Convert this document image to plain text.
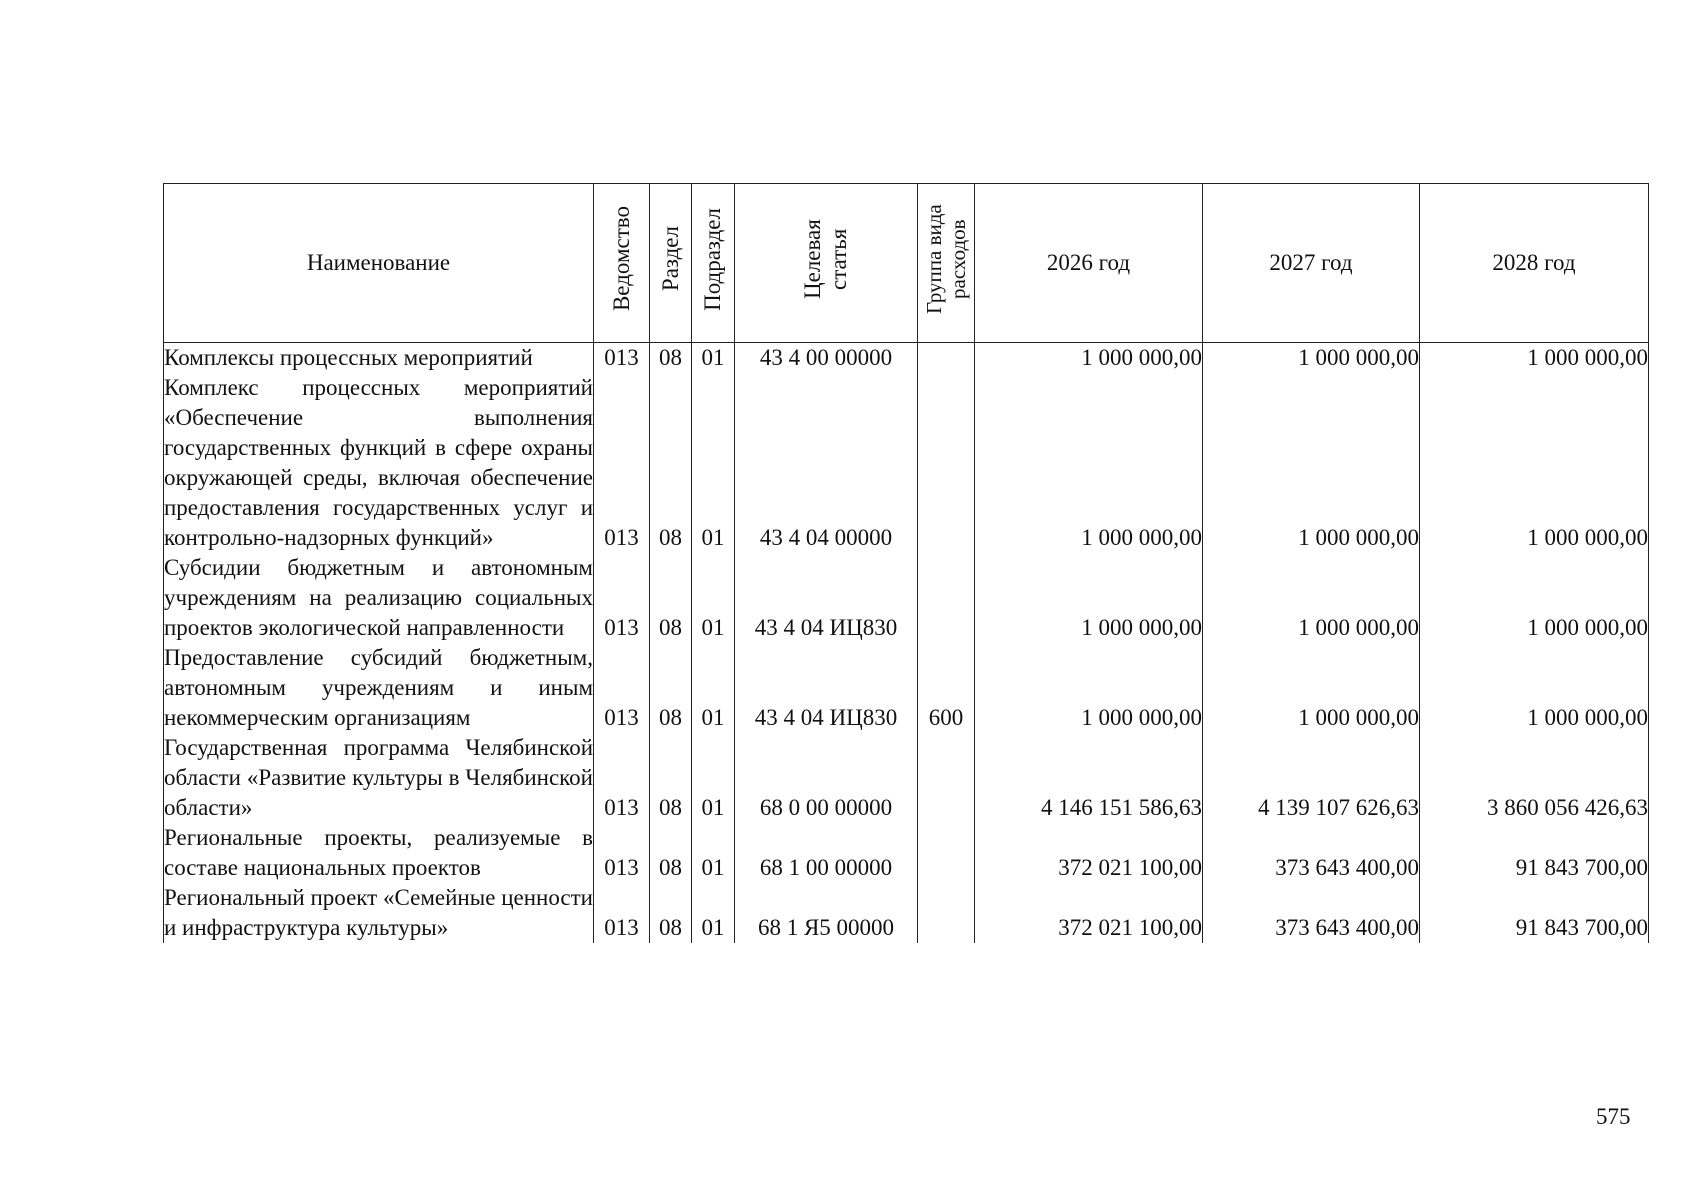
Наименование	Ведомство	Раздел	Подраздел	Целевая статья	Группа вида расходов	2026 год	2027 год	2028 год
Комплексы процессных мероприятий	013	08	01	43 4 00 00000		1 000 000,00	1 000 000,00	1 000 000,00
Комплекс процессных мероприятий «Обеспечение выполнения государственных функций в сфере охраны окружающей среды, включая обеспечение предоставления государственных услуг и контрольно-надзорных функций»	013	08	01	43 4 04 00000		1 000 000,00	1 000 000,00	1 000 000,00
Субсидии бюджетным и автономным учреждениям на реализацию социальных проектов экологической направленности	013	08	01	43 4 04 ИЦ830		1 000 000,00	1 000 000,00	1 000 000,00
Предоставление субсидий бюджетным, автономным учреждениям и иным некоммерческим организациям	013	08	01	43 4 04 ИЦ830	600	1 000 000,00	1 000 000,00	1 000 000,00
Государственная программа Челябинской области «Развитие культуры в Челябинской области»	013	08	01	68 0 00 00000		4 146 151 586,63	4 139 107 626,63	3 860 056 426,63
Региональные проекты, реализуемые в составе национальных проектов	013	08	01	68 1 00 00000		372 021 100,00	373 643 400,00	91 843 700,00
Региональный проект «Семейные ценности и инфраструктура культуры»	013	08	01	68 1 Я5 00000		372 021 100,00	373 643 400,00	91 843 700,00
575
